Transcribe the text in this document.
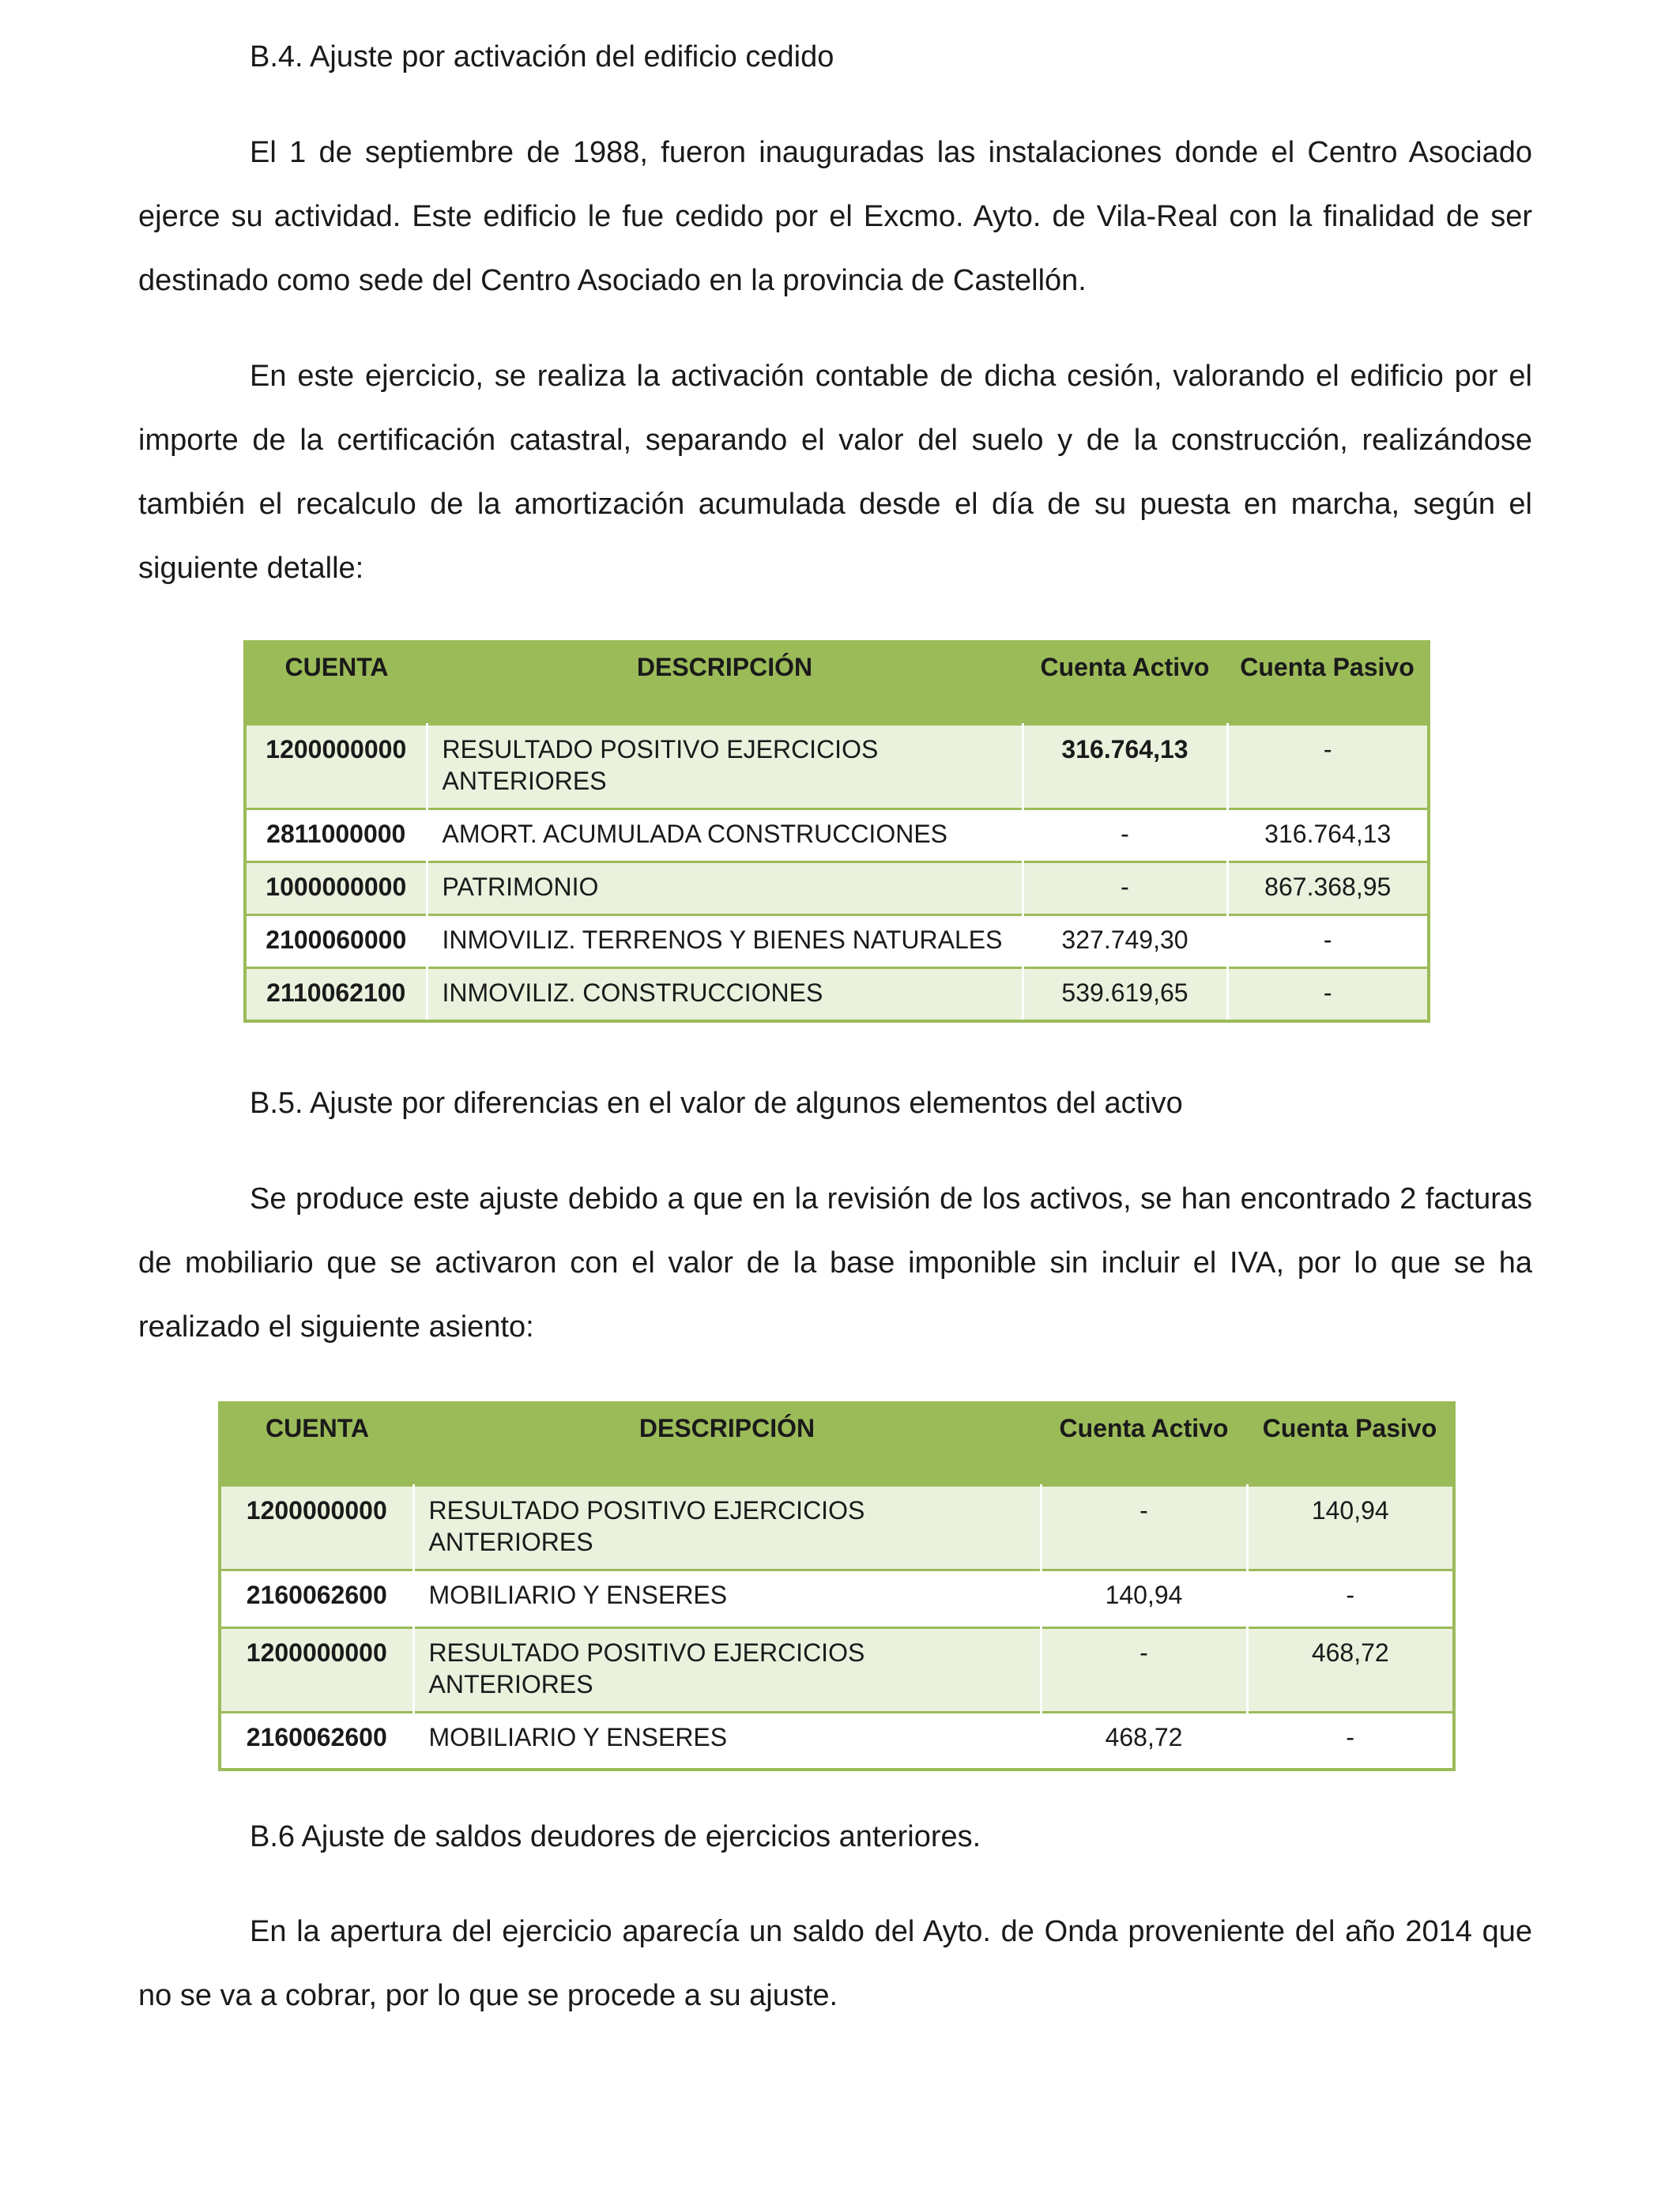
B.4. Ajuste por activación del edificio cedido

El 1 de septiembre de 1988, fueron inauguradas las instalaciones donde el Centro Asociado ejerce su actividad. Este edificio le fue cedido por el Excmo. Ayto. de Vila-Real con la finalidad de ser destinado como sede del Centro Asociado en la provincia de Castellón.

En este ejercicio, se realiza la activación contable de dicha cesión, valorando el edificio por el importe de la certificación catastral, separando el valor del suelo y de la construcción, realizándose también el recalculo de la amortización acumulada desde el día de su puesta en marcha, según el siguiente detalle:

CUENTA	DESCRIPCIÓN	Cuenta Activo	Cuenta Pasivo
1200000000	RESULTADO POSITIVO EJERCICIOS ANTERIORES	316.764,13	-
2811000000	AMORT. ACUMULADA CONSTRUCCIONES	-	316.764,13
1000000000	PATRIMONIO	-	867.368,95
2100060000	INMOVILIZ. TERRENOS Y BIENES NATURALES	327.749,30	-
2110062100	INMOVILIZ. CONSTRUCCIONES	539.619,65	-

B.5. Ajuste por diferencias en el valor de algunos elementos del activo

Se produce este ajuste debido a que en la revisión de los activos, se han encontrado 2 facturas de mobiliario que se activaron con el valor de la base imponible sin incluir el IVA, por lo que se ha realizado el siguiente asiento:

CUENTA	DESCRIPCIÓN	Cuenta Activo	Cuenta Pasivo
1200000000	RESULTADO POSITIVO EJERCICIOS ANTERIORES	-	140,94
2160062600	MOBILIARIO Y ENSERES	140,94	-
1200000000	RESULTADO POSITIVO EJERCICIOS ANTERIORES	-	468,72
2160062600	MOBILIARIO Y ENSERES	468,72	-

B.6 Ajuste de saldos deudores de ejercicios anteriores.

En la apertura del ejercicio aparecía un saldo del Ayto. de Onda proveniente del año 2014 que no se va a cobrar, por lo que se procede a su ajuste.
